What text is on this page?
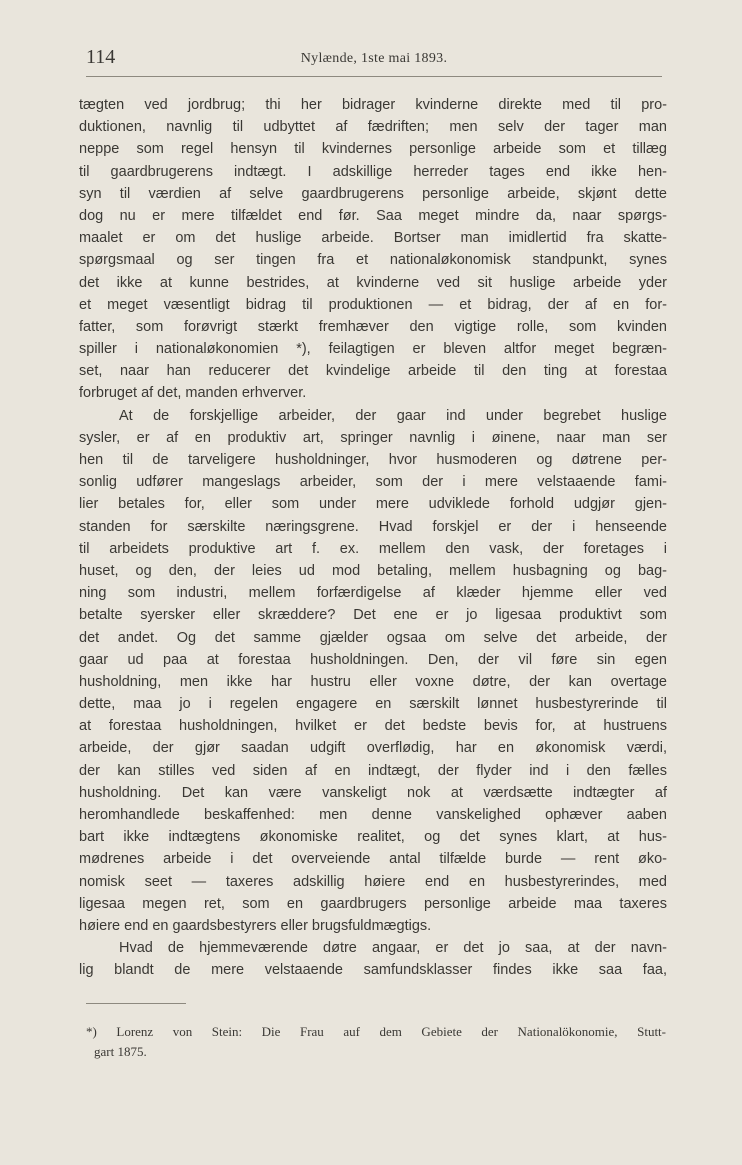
114	Nylænde, 1ste mai 1893.
tægten ved jordbrug; thi her bidrager kvinderne direkte med til pro-
duktionen, navnlig til udbyttet af fædriften; men selv der tager man
neppe som regel hensyn til kvindernes personlige arbeide som et tillæg
til gaardbrugerens indtægt. I adskillige herreder tages end ikke hen-
syn til værdien af selve gaardbrugerens personlige arbeide, skjønt dette
dog nu er mere tilfældet end før. Saa meget mindre da, naar spørgs-
maalet er om det huslige arbeide. Bortser man imidlertid fra skatte-
spørgsmaal og ser tingen fra et nationaløkonomisk standpunkt, synes
det ikke at kunne bestrides, at kvinderne ved sit huslige arbeide yder
et meget væsentligt bidrag til produktionen — et bidrag, der af en for-
fatter, som forøvrigt stærkt fremhæver den vigtige rolle, som kvinden
spiller i nationaløkonomien *), feilagtigen er bleven altfor meget begræn-
set, naar han reducerer det kvindelige arbeide til den ting at forestaa
forbruget af det, manden erhverver.
At de forskjellige arbeider, der gaar ind under begrebet huslige
sysler, er af en produktiv art, springer navnlig i øinene, naar man ser
hen til de tarveligere husholdninger, hvor husmoderen og døtrene per-
sonlig udfører mangeslags arbeider, som der i mere velstaaende fami-
lier betales for, eller som under mere udviklede forhold udgjør gjen-
standen for særskilte næringsgrene. Hvad forskjel er der i henseende
til arbeidets produktive art f. ex. mellem den vask, der foretages i
huset, og den, der leies ud mod betaling, mellem husbagning og bag-
ning som industri, mellem forfærdigelse af klæder hjemme eller ved
betalte syersker eller skræddere? Det ene er jo ligesaa produktivt som
det andet. Og det samme gjælder ogsaa om selve det arbeide, der
gaar ud paa at forestaa husholdningen. Den, der vil føre sin egen
husholdning, men ikke har hustru eller voxne døtre, der kan overtage
dette, maa jo i regelen engagere en særskilt lønnet husbestyrerinde til
at forestaa husholdningen, hvilket er det bedste bevis for, at hustruens
arbeide, der gjør saadan udgift overflødig, har en økonomisk værdi,
der kan stilles ved siden af en indtægt, der flyder ind i den fælles
husholdning. Det kan være vanskeligt nok at værdsætte indtægter af
heromhandlede beskaffenhed: men denne vanskelighed ophæver aaben
bart ikke indtægtens økonomiske realitet, og det synes klart, at hus-
mødrenes arbeide i det overveiende antal tilfælde burde — rent øko-
nomisk seet — taxeres adskillig høiere end en husbestyrerindes, med
ligesaa megen ret, som en gaardbrugers personlige arbeide maa taxeres
høiere end en gaardsbestyrers eller brugsfuldmægtigs.
Hvad de hjemmeværende døtre angaar, er det jo saa, at der navn-
lig blandt de mere velstaaende samfundsklasser findes ikke saa faa,
*) Lorenz von Stein: Die Frau auf dem Gebiete der Nationalökonomie, Stutt-
gart 1875.
